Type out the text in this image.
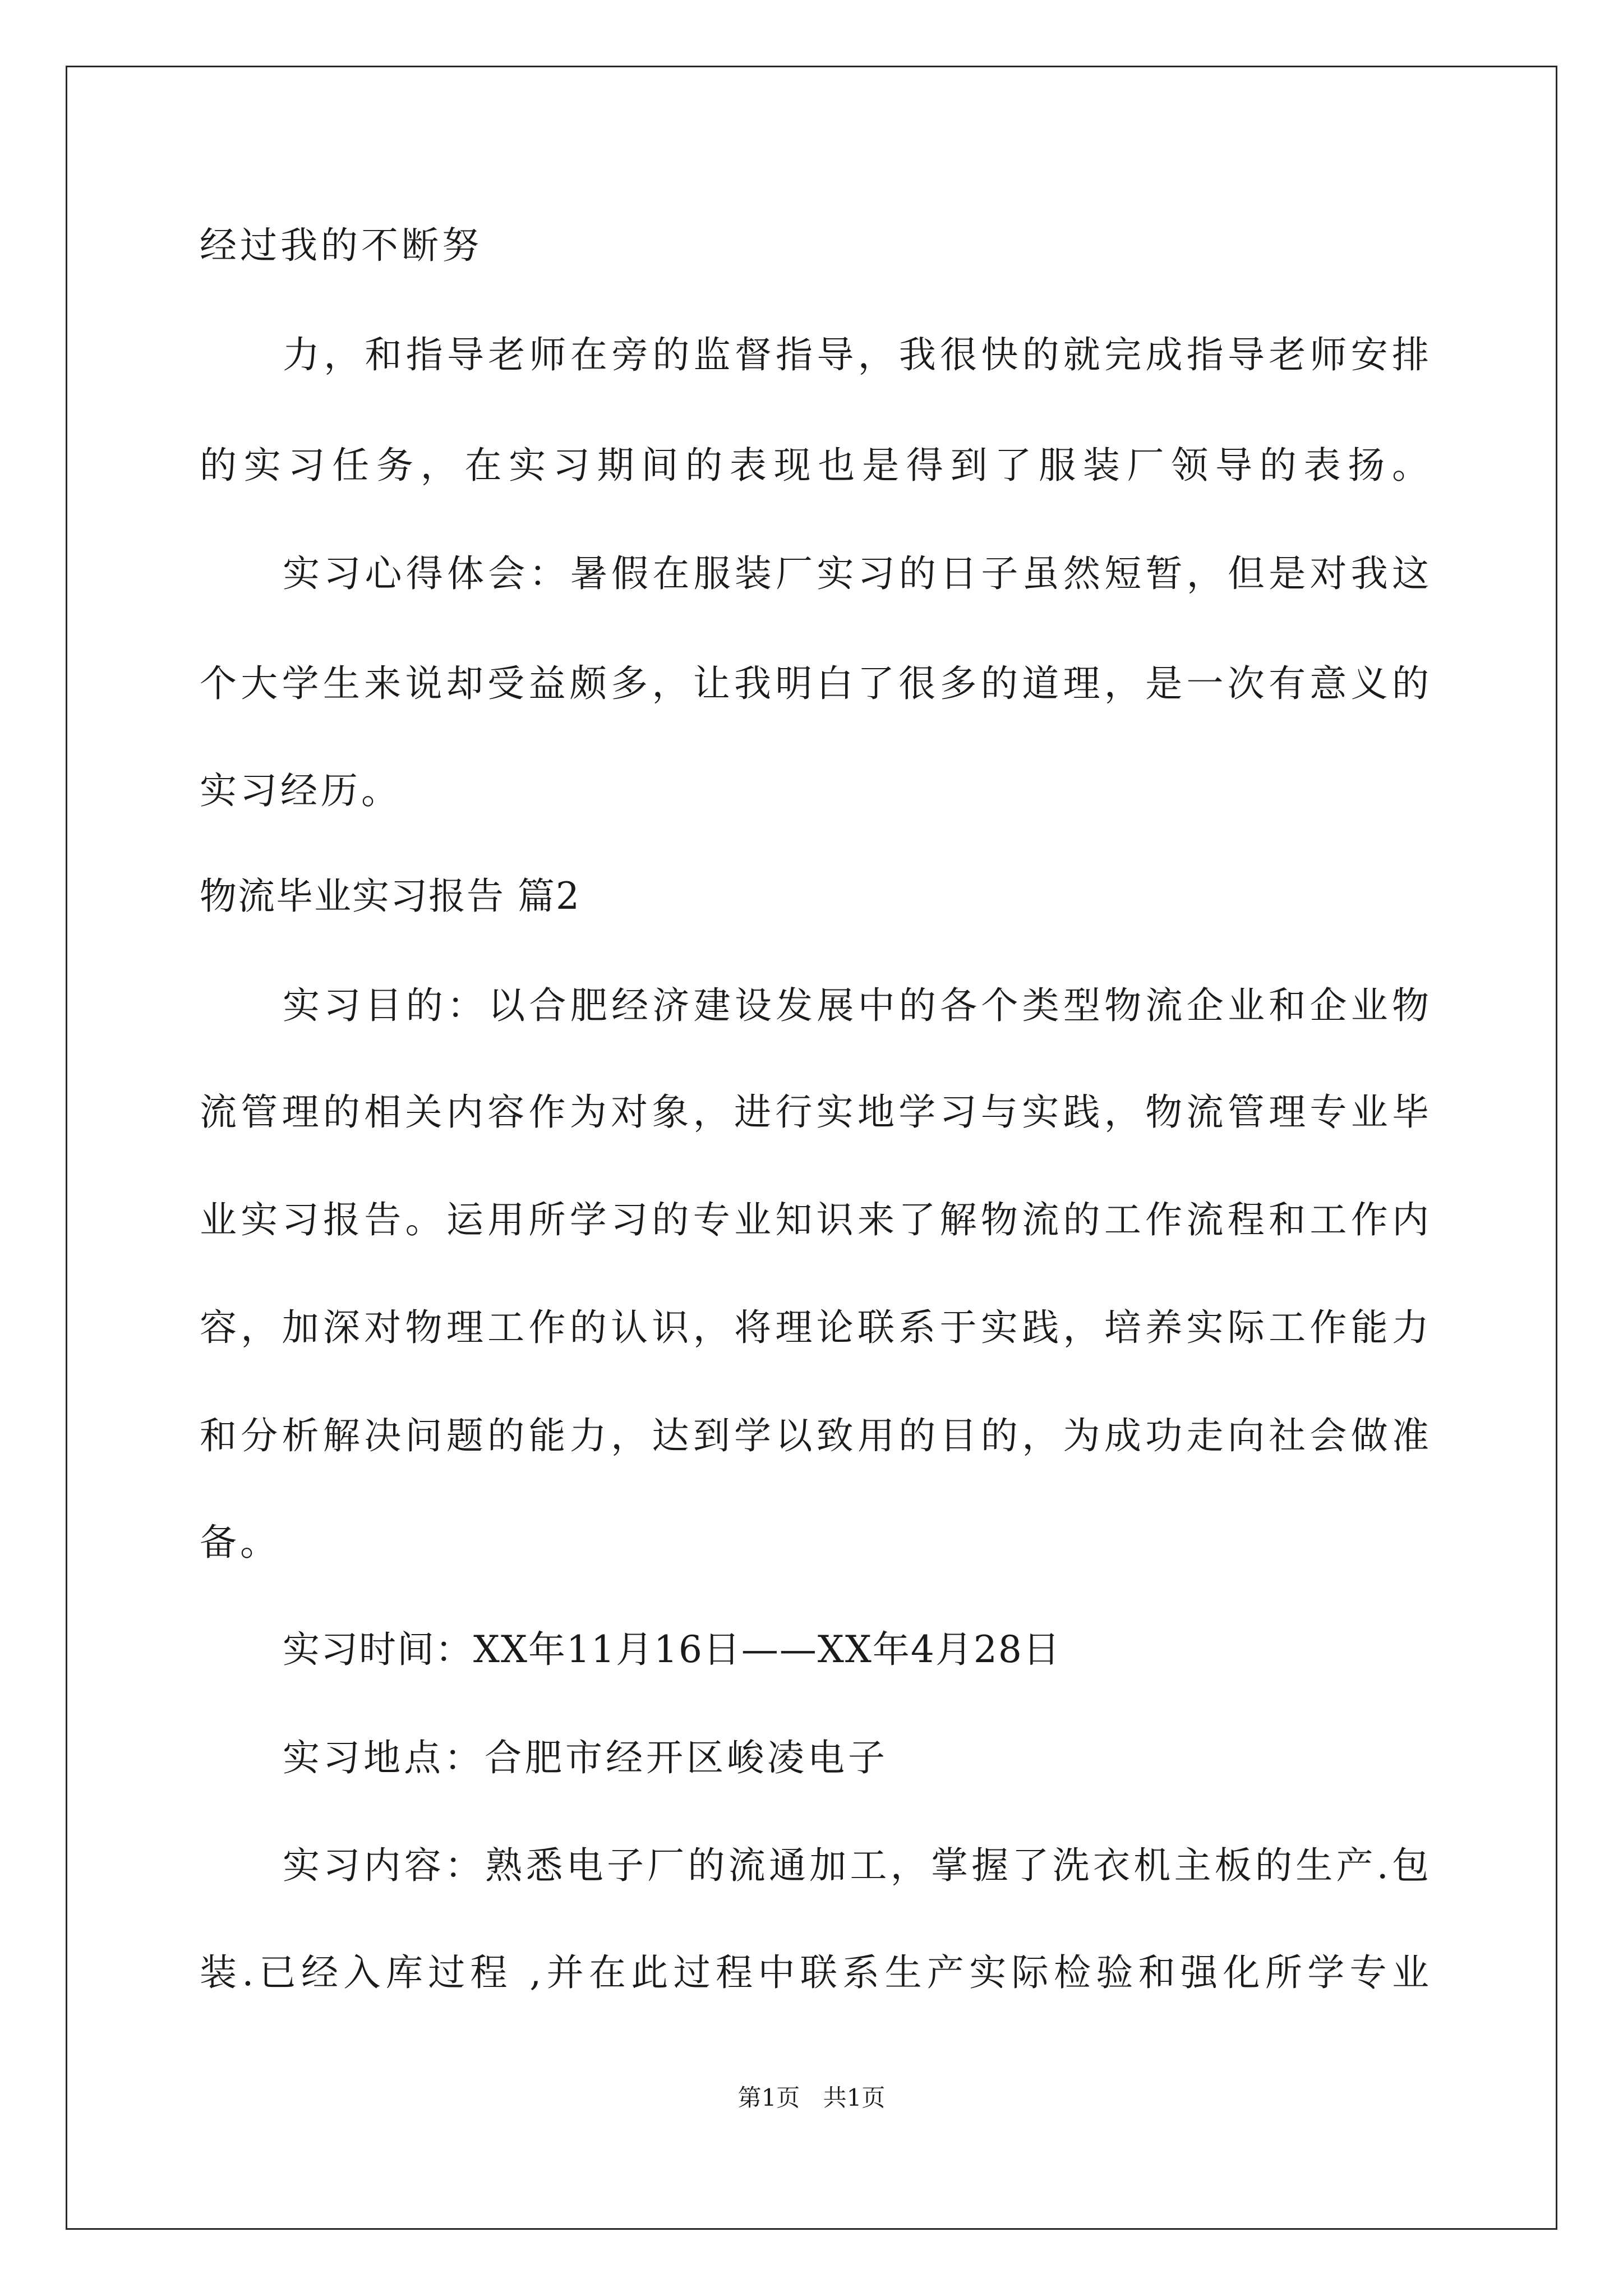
经过我的不断努
力，和指导老师在旁的监督指导，我很快的就完成指导老师安排
的实习任务，在实习期间的表现也是得到了服装厂领导的表扬。
实习心得体会：暑假在服装厂实习的日子虽然短暂，但是对我这
个大学生来说却受益颇多，让我明白了很多的道理，是一次有意义的
实习经历。
物流毕业实习报告 篇2
实习目的：以合肥经济建设发展中的各个类型物流企业和企业物
流管理的相关内容作为对象，进行实地学习与实践，物流管理专业毕
业实习报告。运用所学习的专业知识来了解物流的工作流程和工作内
容，加深对物理工作的认识，将理论联系于实践，培养实际工作能力
和分析解决问题的能力，达到学以致用的目的，为成功走向社会做准
备。
实习时间：XX年11月16日——XX年4月28日
实习地点：合肥市经开区峻凌电子
实习内容：熟悉电子厂的流通加工，掌握了洗衣机主板的生产.包
装.已经入库过程 ,并在此过程中联系生产实际检验和强化所学专业
第1页 共1页
